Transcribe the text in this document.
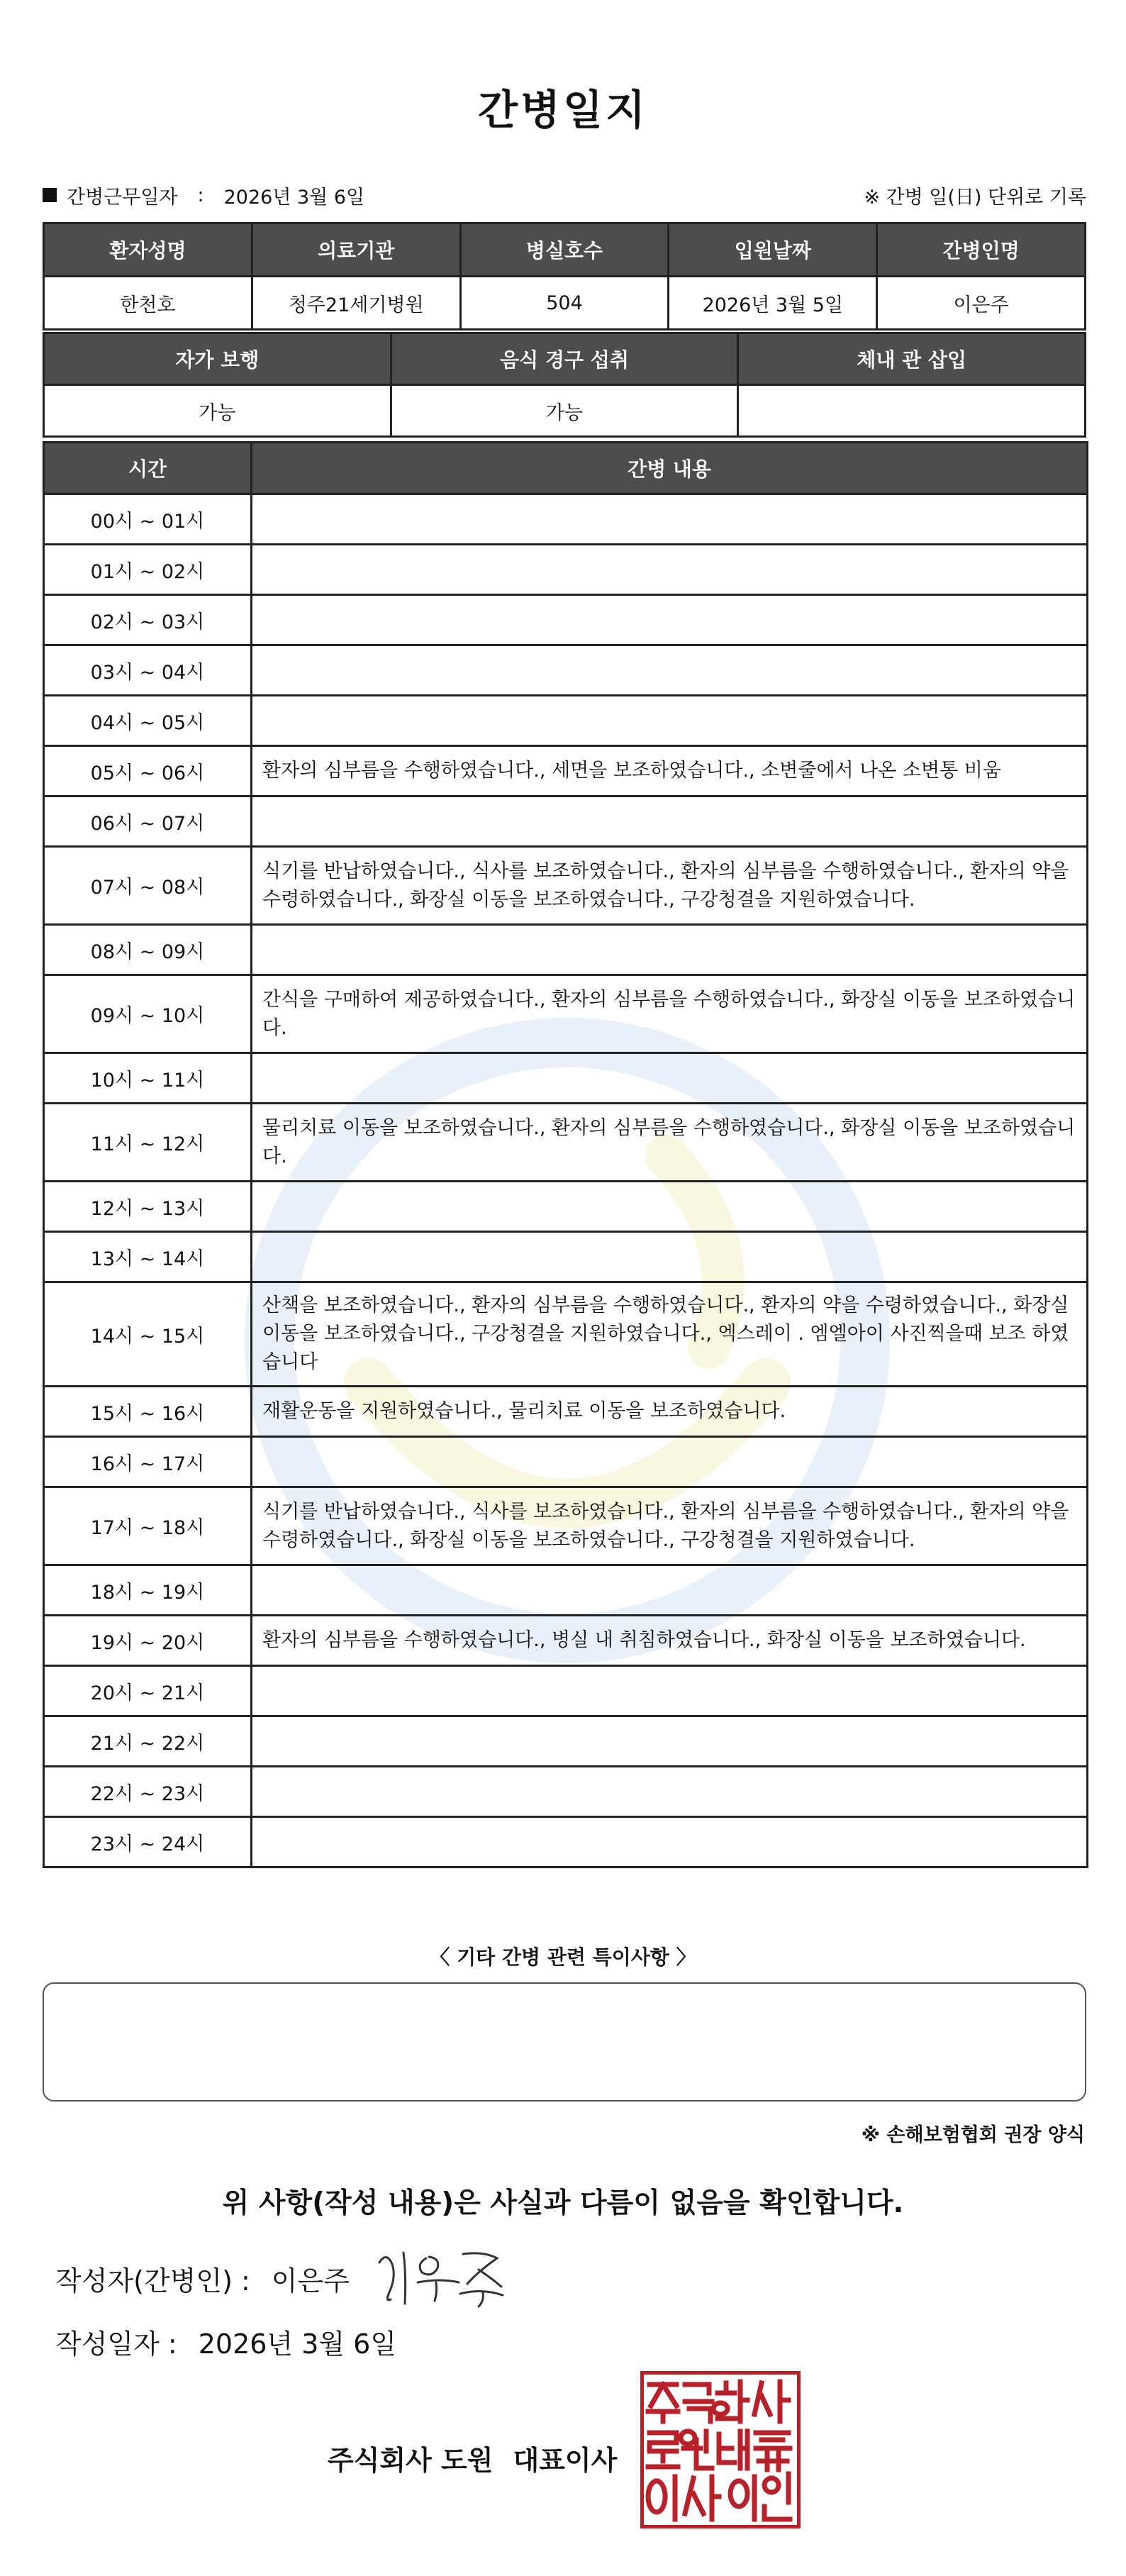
간병일지
간병근무일자 : 2026년 3월 6일	※ 간병 일(日) 단위로 기록
환자성명	의료기관	병실호수	입원날짜	간병인명
한천호	청주21세기병원	504	2026년 3월 5일	이은주
자가 보행	음식 경구 섭취	체내 관 삽입
가능	가능	
시간	간병 내용
00시 ~ 01시	
01시 ~ 02시	
02시 ~ 03시	
03시 ~ 04시	
04시 ~ 05시	
05시 ~ 06시	환자의 심부름을 수행하였습니다., 세면을 보조하였습니다., 소변줄에서 나온 소변통 비움
06시 ~ 07시	
07시 ~ 08시	식기를 반납하였습니다., 식사를 보조하였습니다., 환자의 심부름을 수행하였습니다., 환자의 약을 수령하였습니다., 화장실 이동을 보조하였습니다., 구강청결을 지원하였습니다.
08시 ~ 09시	
09시 ~ 10시	간식을 구매하여 제공하였습니다., 환자의 심부름을 수행하였습니다., 화장실 이동을 보조하였습니다.
10시 ~ 11시	
11시 ~ 12시	물리치료 이동을 보조하였습니다., 환자의 심부름을 수행하였습니다., 화장실 이동을 보조하였습니다.
12시 ~ 13시	
13시 ~ 14시	
14시 ~ 15시	산책을 보조하였습니다., 환자의 심부름을 수행하였습니다., 환자의 약을 수령하였습니다., 화장실 이동을 보조하였습니다., 구강청결을 지원하였습니다., 엑스레이 . 엠엘아이 사진찍을때 보조 하였습니다
15시 ~ 16시	재활운동을 지원하였습니다., 물리치료 이동을 보조하였습니다.
16시 ~ 17시	
17시 ~ 18시	식기를 반납하였습니다., 식사를 보조하였습니다., 환자의 심부름을 수행하였습니다., 환자의 약을 수령하였습니다., 화장실 이동을 보조하였습니다., 구강청결을 지원하였습니다.
18시 ~ 19시	
19시 ~ 20시	환자의 심부름을 수행하였습니다., 병실 내 취침하였습니다., 화장실 이동을 보조하였습니다.
20시 ~ 21시	
21시 ~ 22시	
22시 ~ 23시	
23시 ~ 24시	
〈 기타 간병 관련 특이사항 〉
※ 손해보험협회 권장 양식
위 사항(작성 내용)은 사실과 다름이 없음을 확인합니다.
작성자(간병인) : 이은주
작성일자 : 2026년 3월 6일
주식회사 도원 대표이사
